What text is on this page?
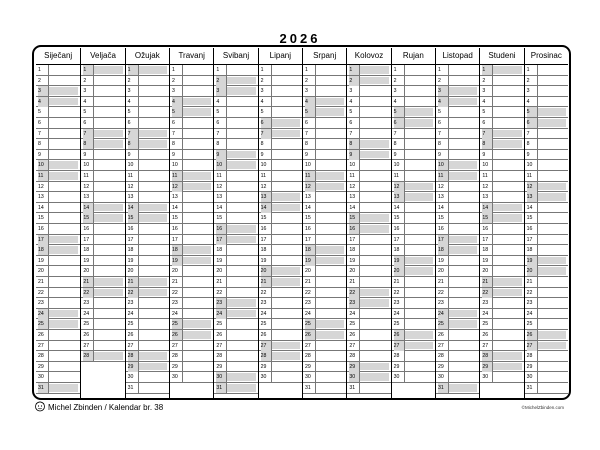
2026
Siječanj
1
2
3
4
5
6
7
8
9
10
11
12
13
14
15
16
17
18
19
20
21
22
23
24
25
26
27
28
29
30
31
Veljača
1
2
3
4
5
6
7
8
9
10
11
12
13
14
15
16
17
18
19
20
21
22
23
24
25
26
27
28
Ožujak
1
2
3
4
5
6
7
8
9
10
11
12
13
14
15
16
17
18
19
20
21
22
23
24
25
26
27
28
29
30
31
Travanj
1
2
3
4
5
6
7
8
9
10
11
12
13
14
15
16
17
18
19
20
21
22
23
24
25
26
27
28
29
30
Svibanj
1
2
3
4
5
6
7
8
9
10
11
12
13
14
15
16
17
18
19
20
21
22
23
24
25
26
27
28
29
30
31
Lipanj
1
2
3
4
5
6
7
8
9
10
11
12
13
14
15
16
17
18
19
20
21
22
23
24
25
26
27
28
29
30
Srpanj
1
2
3
4
5
6
7
8
9
10
11
12
13
14
15
16
17
18
19
20
21
22
23
24
25
26
27
28
29
30
31
Kolovoz
1
2
3
4
5
6
7
8
9
10
11
12
13
14
15
16
17
18
19
20
21
22
23
24
25
26
27
28
29
30
31
Rujan
1
2
3
4
5
6
7
8
9
10
11
12
13
14
15
16
17
18
19
20
21
22
23
24
25
26
27
28
29
30
Listopad
1
2
3
4
5
6
7
8
9
10
11
12
13
14
15
16
17
18
19
20
21
22
23
24
25
26
27
28
29
30
31
Studeni
1
2
3
4
5
6
7
8
9
10
11
12
13
14
15
16
17
18
19
20
21
22
23
24
25
26
27
28
29
30
Prosinac
1
2
3
4
5
6
7
8
9
10
11
12
13
14
15
16
17
18
19
20
21
22
23
24
25
26
27
28
29
30
31
Michel Zbinden / Kalendar br. 38	©MichelZbinden.com
